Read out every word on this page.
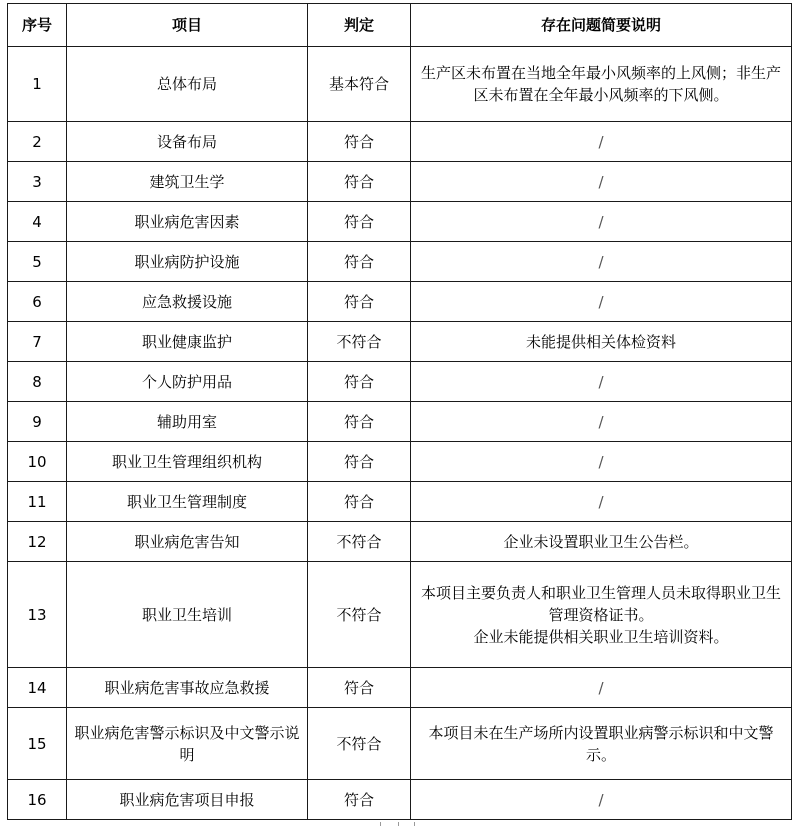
序号	项目	判定	存在问题简要说明
1	总体布局	基本符合	生产区未布置在当地全年最小风频率的上风侧；非生产区未布置在全年最小风频率的下风侧。
2	设备布局	符合	/
3	建筑卫生学	符合	/
4	职业病危害因素	符合	/
5	职业病防护设施	符合	/
6	应急救援设施	符合	/
7	职业健康监护	不符合	未能提供相关体检资料
8	个人防护用品	符合	/
9	辅助用室	符合	/
10	职业卫生管理组织机构	符合	/
11	职业卫生管理制度	符合	/
12	职业病危害告知	不符合	企业未设置职业卫生公告栏。
13	职业卫生培训	不符合	本项目主要负责人和职业卫生管理人员未取得职业卫生管理资格证书。
企业未能提供相关职业卫生培训资料。

14	职业病危害事故应急救援	符合	/
15	职业病危害警示标识及中文警示说明	不符合	本项目未在生产场所内设置职业病警示标识和中文警示。
16	职业病危害项目申报	符合	/
